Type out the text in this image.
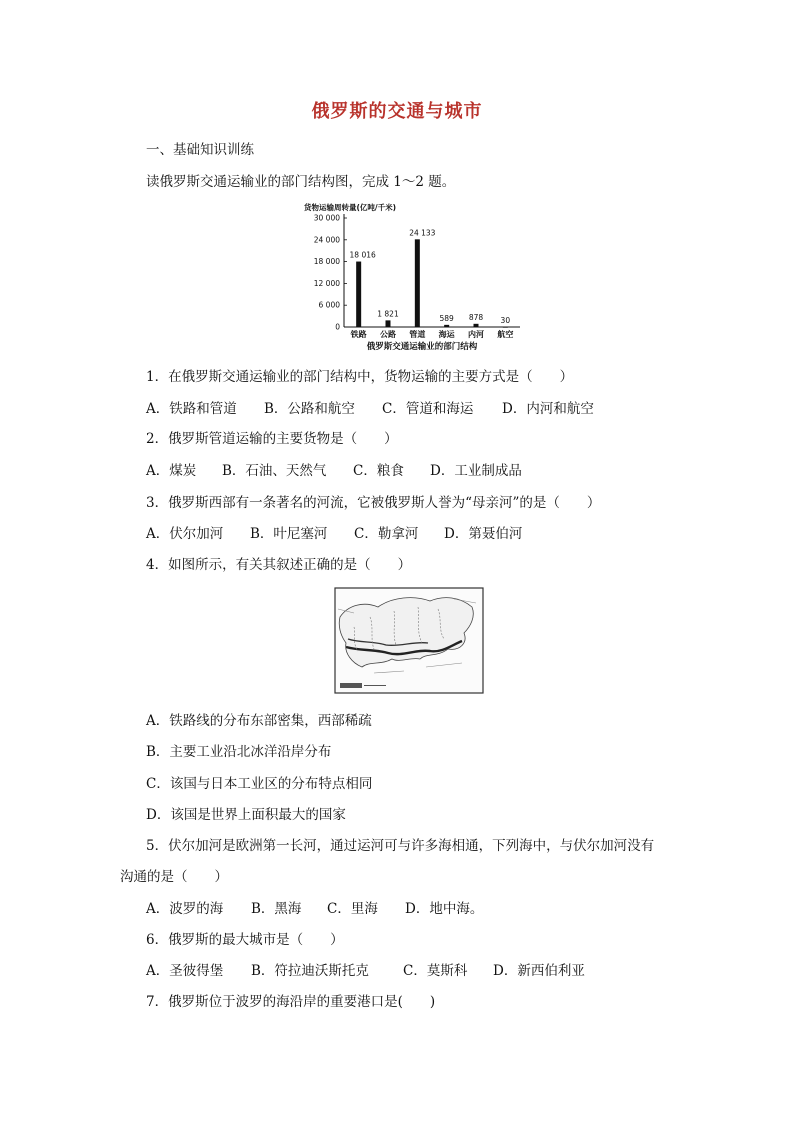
俄罗斯的交通与城市
一、基础知识训练
读俄罗斯交通运输业的部门结构图，完成 1～2 题。
货物运输周转量(亿吨/千米)
0
6 000
12 000
18 000
24 000
30 000
18 016
铁路
1 821
公路
24 133
管道
589
海运
878
内河
30
航空
俄罗斯交通运输业的部门结构
1．在俄罗斯交通运输业的部门结构中，货物运输的主要方式是（　　）
A．铁路和管道 B．公路和航空 C．管道和海运 D．内河和航空
2．俄罗斯管道运输的主要货物是（　　）
A．煤炭 B．石油、天然气 C．粮食 D．工业制成品
3．俄罗斯西部有一条著名的河流，它被俄罗斯人誉为“母亲河”的是（　　）
A．伏尔加河 B．叶尼塞河 C．勒拿河 D．第聂伯河
4．如图所示，有关其叙述正确的是（　　）
A．铁路线的分布东部密集，西部稀疏
B．主要工业沿北冰洋沿岸分布
C．该国与日本工业区的分布特点相同
D．该国是世界上面积最大的国家
5．伏尔加河是欧洲第一长河，通过运河可与许多海相通，下列海中，与伏尔加河没有
沟通的是（　　）
A．波罗的海 B．黑海 C．里海 D．地中海。
6．俄罗斯的最大城市是（　　）
A．圣彼得堡 B．符拉迪沃斯托克	C．莫斯科 D．新西伯利亚
7．俄罗斯位于波罗的海沿岸的重要港口是(　　)
